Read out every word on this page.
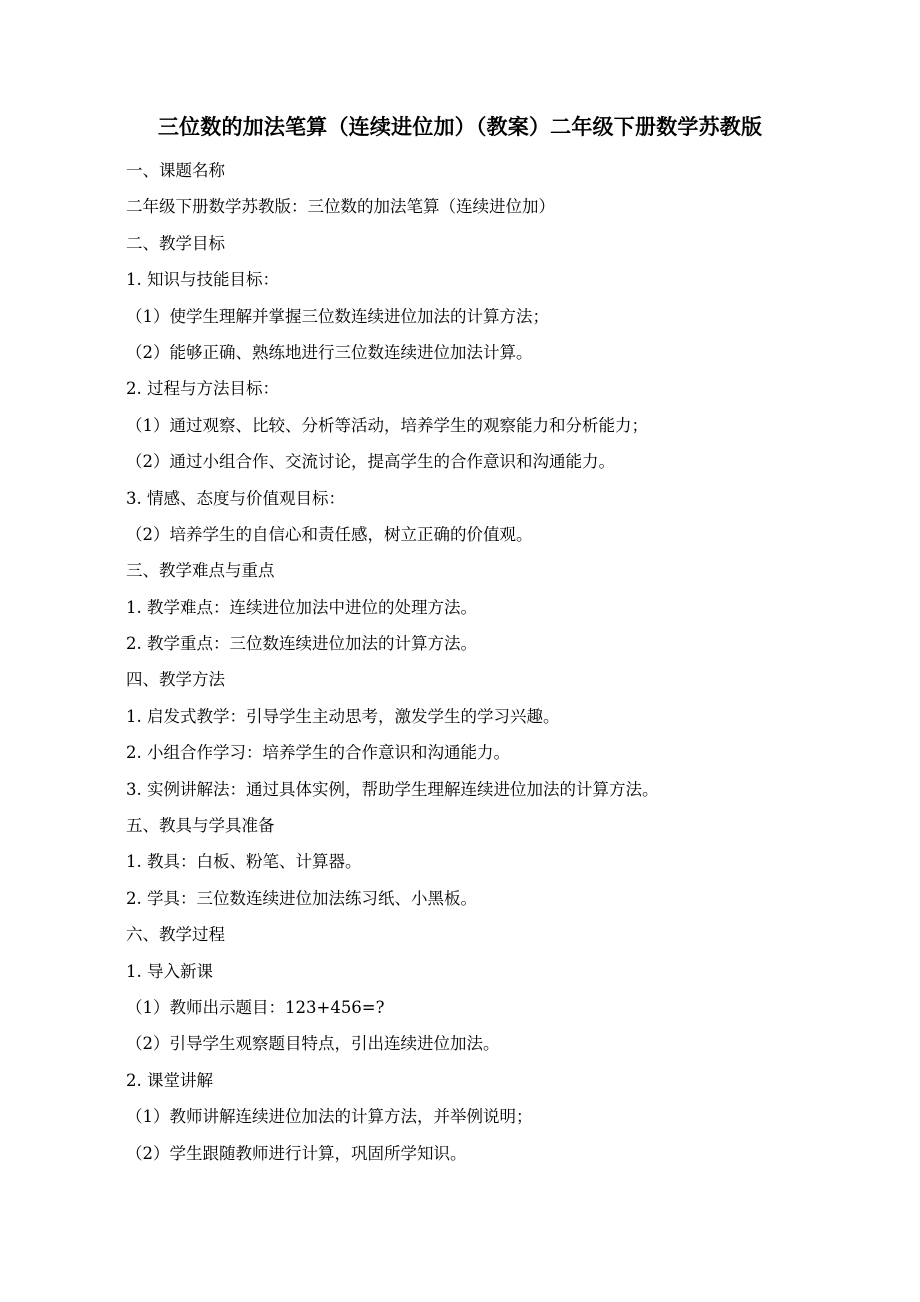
三位数的加法笔算（连续进位加）（教案）二年级下册数学苏教版
一、课题名称
二年级下册数学苏教版：三位数的加法笔算（连续进位加）
二、教学目标
1. 知识与技能目标：
（1）使学生理解并掌握三位数连续进位加法的计算方法；
（2）能够正确、熟练地进行三位数连续进位加法计算。
2. 过程与方法目标：
（1）通过观察、比较、分析等活动，培养学生的观察能力和分析能力；
（2）通过小组合作、交流讨论，提高学生的合作意识和沟通能力。
3. 情感、态度与价值观目标：
（2）培养学生的自信心和责任感，树立正确的价值观。
三、教学难点与重点
1. 教学难点：连续进位加法中进位的处理方法。
2. 教学重点：三位数连续进位加法的计算方法。
四、教学方法
1. 启发式教学：引导学生主动思考，激发学生的学习兴趣。
2. 小组合作学习：培养学生的合作意识和沟通能力。
3. 实例讲解法：通过具体实例，帮助学生理解连续进位加法的计算方法。
五、教具与学具准备
1. 教具：白板、粉笔、计算器。
2. 学具：三位数连续进位加法练习纸、小黑板。
六、教学过程
1. 导入新课
（1）教师出示题目：123+456=?
（2）引导学生观察题目特点，引出连续进位加法。
2. 课堂讲解
（1）教师讲解连续进位加法的计算方法，并举例说明；
（2）学生跟随教师进行计算，巩固所学知识。
